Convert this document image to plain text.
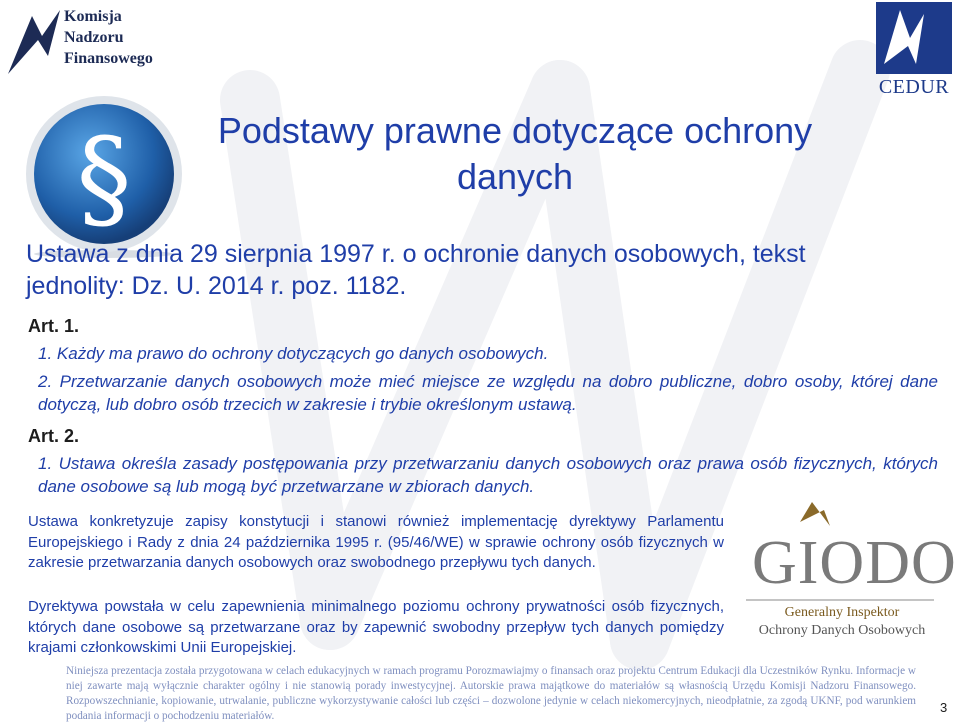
Komisja
Nadzoru
Finansowego
CEDUR
§	Podstawy prawne dotyczące ochrony
danych
Ustawa z dnia 29 sierpnia 1997 r. o ochronie danych osobowych, tekst jednolity: Dz. U. 2014 r. poz. 1182.
Art. 1.
1. Każdy ma prawo do ochrony dotyczących go danych osobowych.
2. Przetwarzanie danych osobowych może mieć miejsce ze względu na dobro publiczne, dobro osoby, której dane dotyczą, lub dobro osób trzecich w zakresie i trybie określonym ustawą.
Art. 2.
1. Ustawa określa zasady postępowania przy przetwarzaniu danych osobowych oraz prawa osób fizycznych, których dane osobowe są lub mogą być przetwarzane w zbiorach danych.
Ustawa konkretyzuje zapisy konstytucji i stanowi również implementację dyrektywy Parlamentu Europejskiego i Rady z dnia 24 października 1995 r. (95/46/WE) w sprawie ochrony osób fizycznych w zakresie przetwarzania danych osobowych oraz swobodnego przepływu tych danych.
Dyrektywa powstała w celu zapewnienia minimalnego poziomu ochrony prywatności osób fizycznych, których dane osobowe są przetwarzane oraz by zapewnić swobodny przepływ tych danych pomiędzy krajami członkowskimi Unii Europejskiej.
GIODO
Generalny Inspektor
Ochrony Danych Osobowych
Niniejsza prezentacja została przygotowana w celach edukacyjnych w ramach programu Porozmawiajmy o finansach oraz projektu Centrum Edukacji dla Uczestników Rynku. Informacje w niej zawarte mają wyłącznie charakter ogólny i nie stanowią porady inwestycyjnej. Autorskie prawa majątkowe do materiałów są własnością Urzędu Komisji Nadzoru Finansowego. Rozpowszechnianie, kopiowanie, utrwalanie, publiczne wykorzystywanie całości lub części – dozwolone jedynie w celach niekomercyjnych, nieodpłatnie, za zgodą UKNF, pod warunkiem podania informacji o pochodzeniu materiałów.
3
